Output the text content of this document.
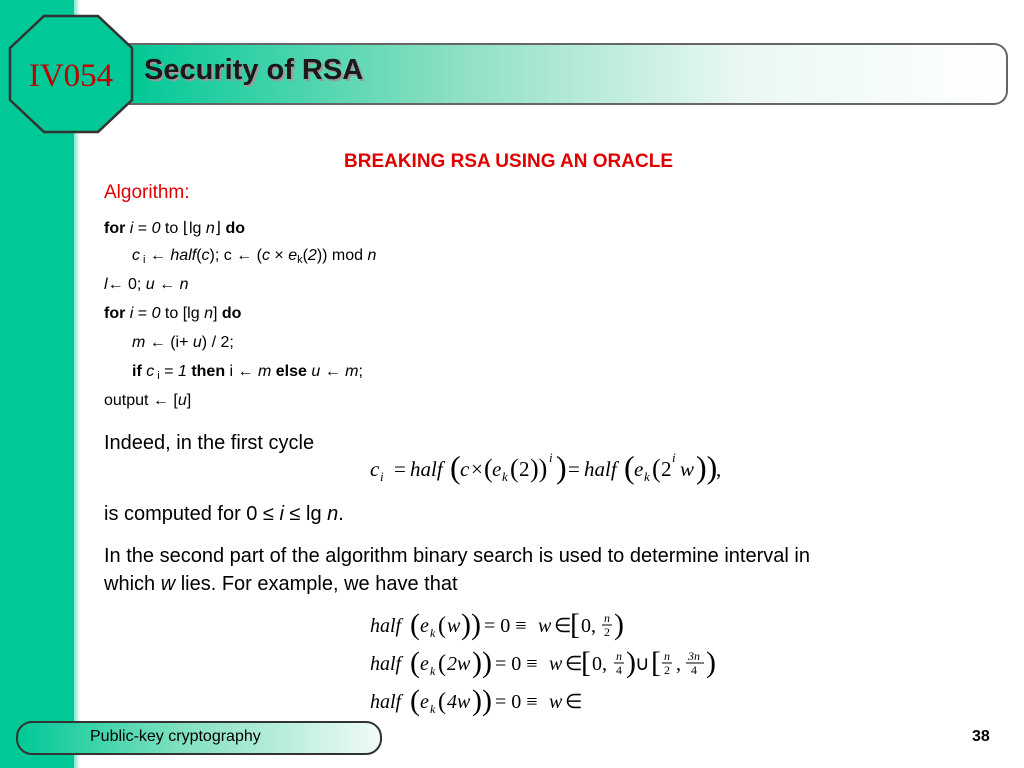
IV054 Security of RSA
BREAKING RSA USING AN ORACLE
Algorithm:
for i = 0 to ⌊lg n⌋ do
c $_i$ ← half(c); c ← $(c \times e_k(2))$ mod n
l← 0; u ← n
for i = 0 to [lg n] do
m ← (i+ u) / 2;
if c $_i$ = 1 then i ← m else u ← m;
output ← [u]
Indeed, in the first cycle
c i = half ( c × ( e k ( 2 )) i ) = half ( e k ( 2 i w ))
,
is computed for 0 ≤ i ≤ lg n.
In the second part of the algorithm binary search is used to determine interval in
which w lies. For example, we have that
half ( e k ( w )) = 0 ≡ w ∈
[ 0, n
2 )
half ( e k ( 2w )) = 0 ≡ w ∈
[ 0, n
4 ) ∪ [ n
2 , 3n
4 )
half ( e k ( 4w )) = 0 ≡ w ∈
Public-key cryptography	38
